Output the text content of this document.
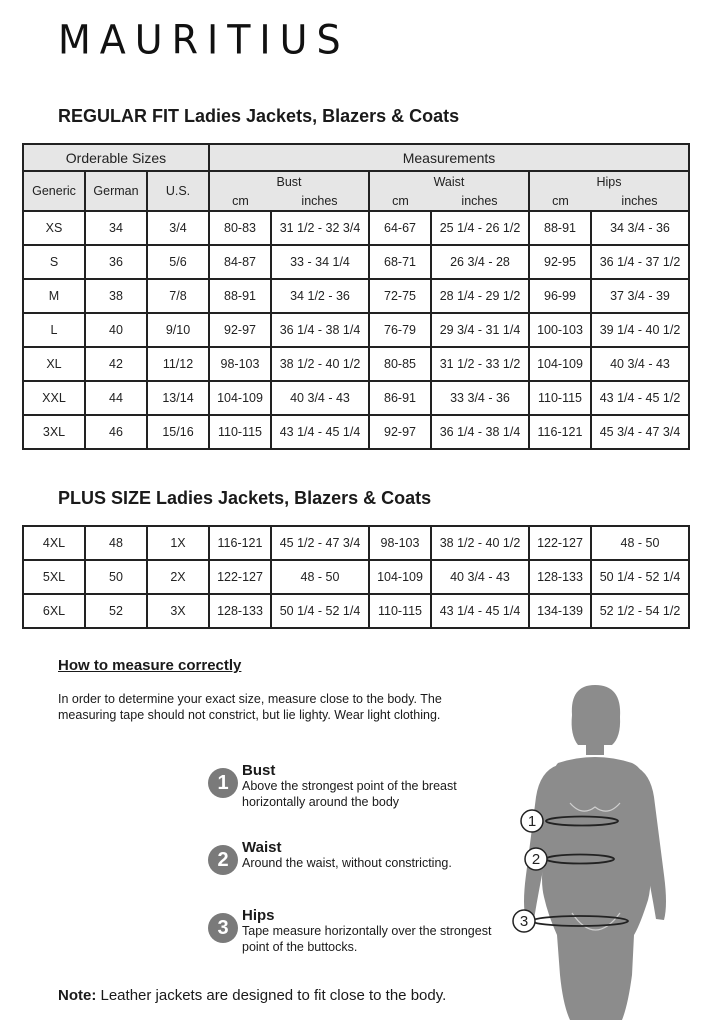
MAURITIUS
REGULAR FIT Ladies Jackets, Blazers & Coats
Orderable Sizes			Measurements					
Generic	German	U.S.	Bust		Waist		Hips	
			cm	inches	cm	inches	cm	inches
XS	34	3/4	80-83	31 1/2 - 32 3/4	64-67	25 1/4 - 26 1/2	88-91	34 3/4 - 36
S	36	5/6	84-87	33 - 34 1/4	68-71	26 3/4 - 28	92-95	36 1/4 - 37 1/2
M	38	7/8	88-91	34 1/2 - 36	72-75	28 1/4 - 29 1/2	96-99	37 3/4 - 39
L	40	9/10	92-97	36 1/4 - 38 1/4	76-79	29 3/4 - 31 1/4	100-103	39 1/4 - 40 1/2
XL	42	11/12	98-103	38 1/2 - 40 1/2	80-85	31 1/2 - 33 1/2	104-109	40 3/4 - 43
XXL	44	13/14	104-109	40 3/4 - 43	86-91	33 3/4 - 36	110-115	43 1/4 - 45 1/2
3XL	46	15/16	110-115	43 1/4 - 45 1/4	92-97	36 1/4 - 38 1/4	116-121	45 3/4 - 47 3/4
PLUS SIZE Ladies Jackets, Blazers & Coats
4XL	48	1X	116-121	45 1/2 - 47 3/4	98-103	38 1/2 - 40 1/2	122-127	48 - 50
5XL	50	2X	122-127	48 - 50	104-109	40 3/4 - 43	128-133	50 1/4 - 52 1/4
6XL	52	3X	128-133	50 1/4 - 52 1/4	110-115	43 1/4 - 45 1/4	134-139	52 1/2 - 54 1/2
How to measure correctly
In order to determine your exact size, measure close to the body. The measuring tape should not constrict, but lie lighty. Wear light clothing.
1
Bust
Above the strongest point of the breast horizontally around the body
2
Waist
Around the waist, without constricting.
3
Hips
Tape measure horizontally over the strongest point of the buttocks.
1
2
3
Note: Leather jackets are designed to fit close to the body.
